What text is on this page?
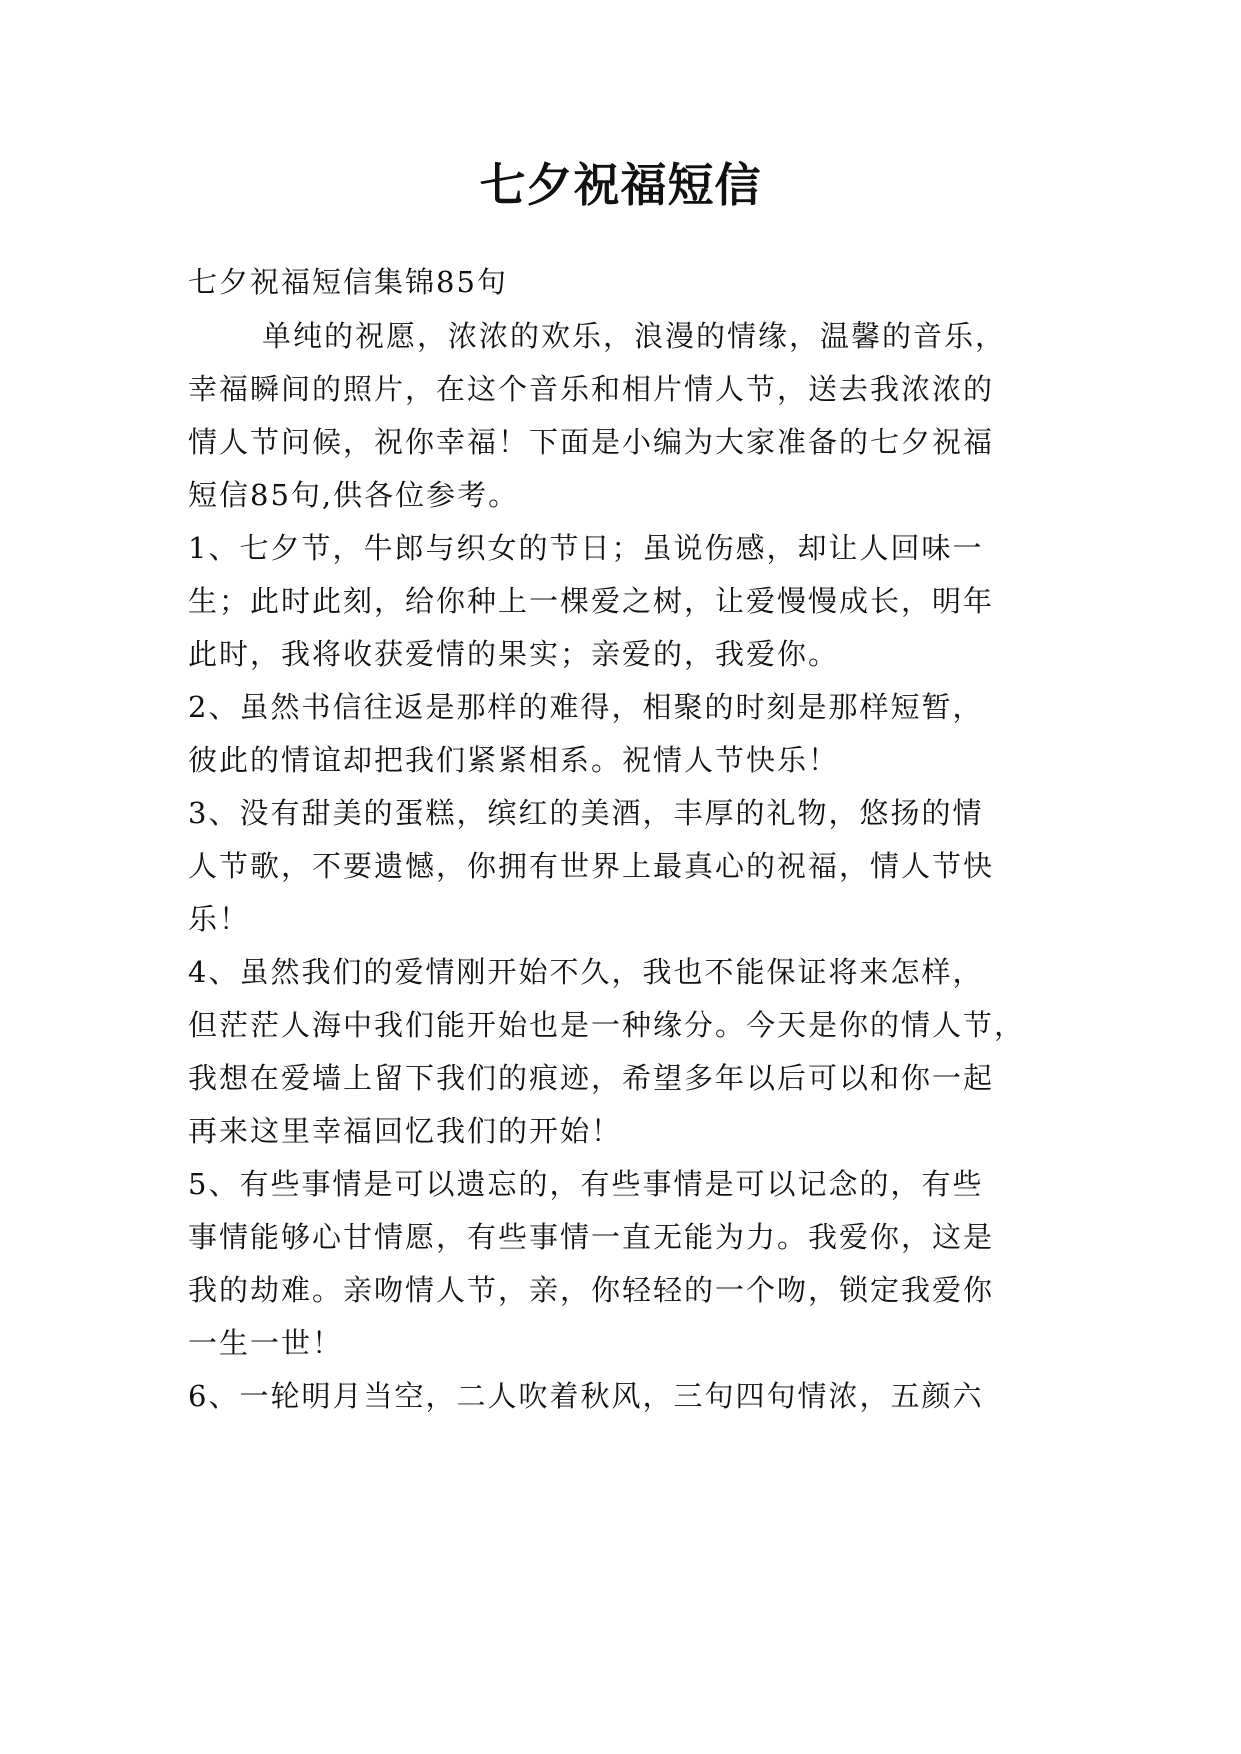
七夕祝福短信
七夕祝福短信集锦85句
单纯的祝愿，浓浓的欢乐，浪漫的情缘，温馨的音乐，
幸福瞬间的照片，在这个音乐和相片情人节，送去我浓浓的
情人节问候，祝你幸福！下面是小编为大家准备的七夕祝福
短信85句,供各位参考。
1、七夕节，牛郎与织女的节日；虽说伤感，却让人回味一
生；此时此刻，给你种上一棵爱之树，让爱慢慢成长，明年
此时，我将收获爱情的果实；亲爱的，我爱你。
2、虽然书信往返是那样的难得，相聚的时刻是那样短暂，
彼此的情谊却把我们紧紧相系。祝情人节快乐！
3、没有甜美的蛋糕，缤红的美酒，丰厚的礼物，悠扬的情
人节歌，不要遗憾，你拥有世界上最真心的祝福，情人节快
乐！
4、虽然我们的爱情刚开始不久，我也不能保证将来怎样，
但茫茫人海中我们能开始也是一种缘分。今天是你的情人节，
我想在爱墙上留下我们的痕迹，希望多年以后可以和你一起
再来这里幸福回忆我们的开始！
5、有些事情是可以遗忘的，有些事情是可以记念的，有些
事情能够心甘情愿，有些事情一直无能为力。我爱你，这是
我的劫难。亲吻情人节，亲，你轻轻的一个吻，锁定我爱你
一生一世！
6、一轮明月当空，二人吹着秋风，三句四句情浓，五颜六
